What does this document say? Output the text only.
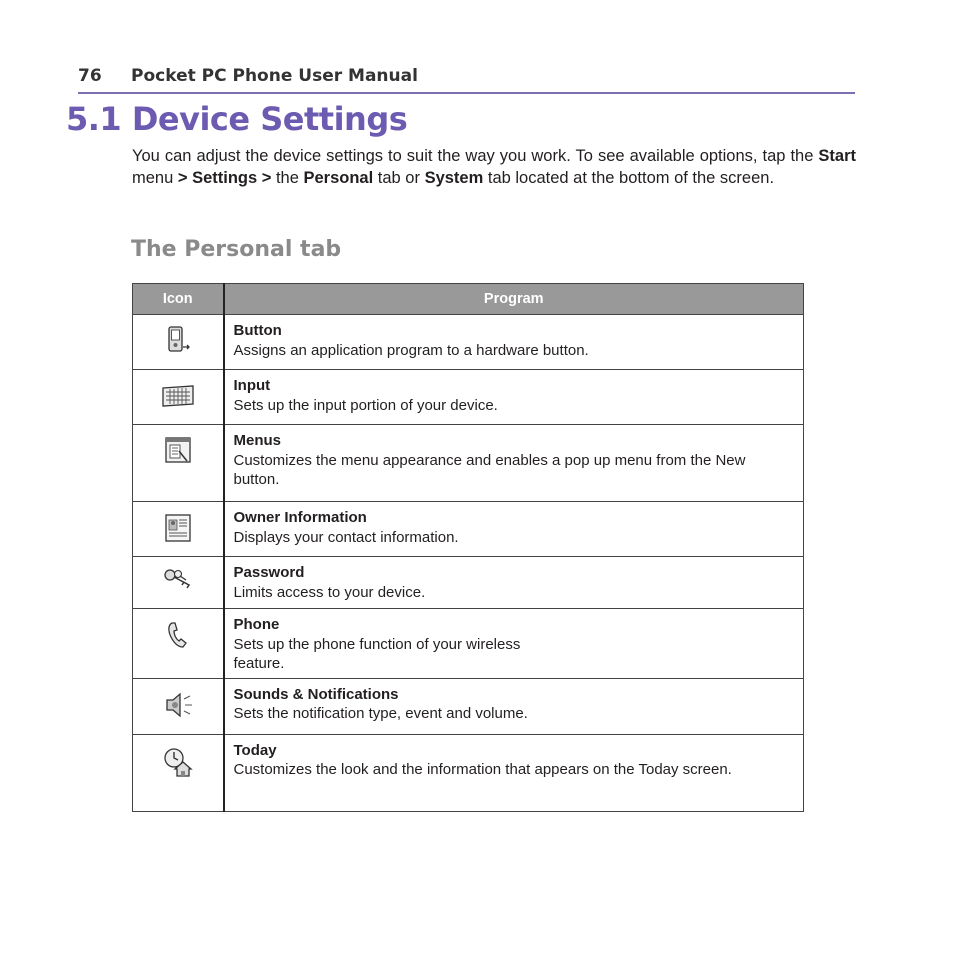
76 Pocket PC Phone User Manual
5.1 Device Settings

You can adjust the device settings to suit the way you work. To see available options, tap the Start menu > Settings > the Personal tab or System tab located at the bottom of the screen.

The Personal tab
Icon	Program

Button
Assigns an application program to a hardware button.

Input
Sets up the input portion of your device.

Menus
Customizes the menu appearance and enables a pop up menu from the New button.

Owner Information
Displays your contact information.

Password
Limits access to your device.

Phone
Sets up the phone function of your wireless feature.

Sounds & Notifications
Sets the notification type, event and volume.

Today
Customizes the look and the information that appears on the Today screen.
